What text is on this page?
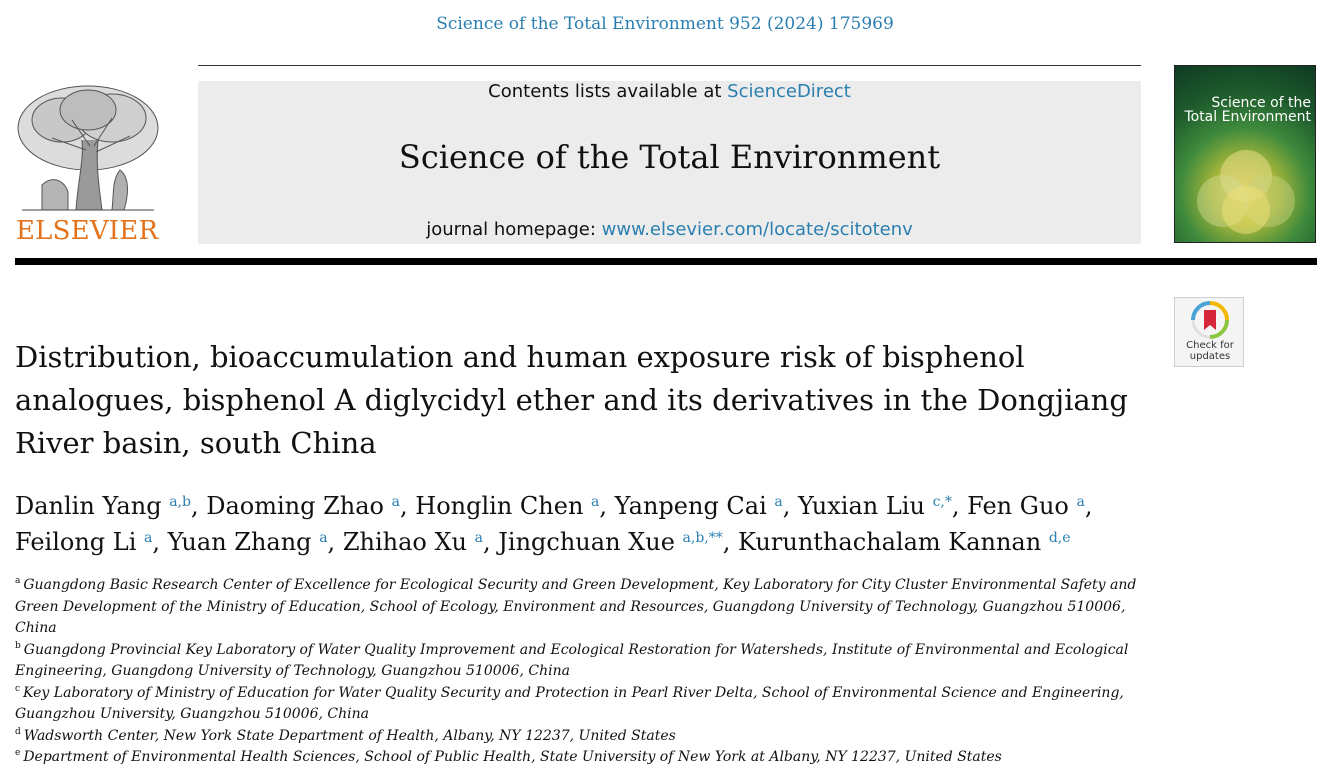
Science of the Total Environment 952 (2024) 175969
ELSEVIER
Contents lists available at ScienceDirect
Science of the Total Environment
journal homepage: www.elsevier.com/locate/scitotenv
Science of the Total Environment
Check for updates
Distribution, bioaccumulation and human exposure risk of bisphenol analogues, bisphenol A diglycidyl ether and its derivatives in the Dongjiang River basin, south China
Danlin Yang $^{a,b}$, Daoming Zhao $^a$, Honglin Chen $^a$, Yanpeng Cai $^a$, Yuxian Liu $^{c,*}$, Fen Guo $^a$,
Feilong Li $^a$, Yuan Zhang $^a$, Zhihao Xu $^a$, Jingchuan Xue $^{a,b,**}$, Kurunthachalam Kannan $^{d,e}$
$^a$ Guangdong Basic Research Center of Excellence for Ecological Security and Green Development, Key Laboratory for City Cluster Environmental Safety and Green Development of the Ministry of Education, School of Ecology, Environment and Resources, Guangdong University of Technology, Guangzhou 510006, China
$^b$ Guangdong Provincial Key Laboratory of Water Quality Improvement and Ecological Restoration for Watersheds, Institute of Environmental and Ecological Engineering, Guangdong University of Technology, Guangzhou 510006, China
$^c$ Key Laboratory of Ministry of Education for Water Quality Security and Protection in Pearl River Delta, School of Environmental Science and Engineering, Guangzhou University, Guangzhou 510006, China
$^d$ Wadsworth Center, New York State Department of Health, Albany, NY 12237, United States
$^e$ Department of Environmental Health Sciences, School of Public Health, State University of New York at Albany, NY 12237, United States
